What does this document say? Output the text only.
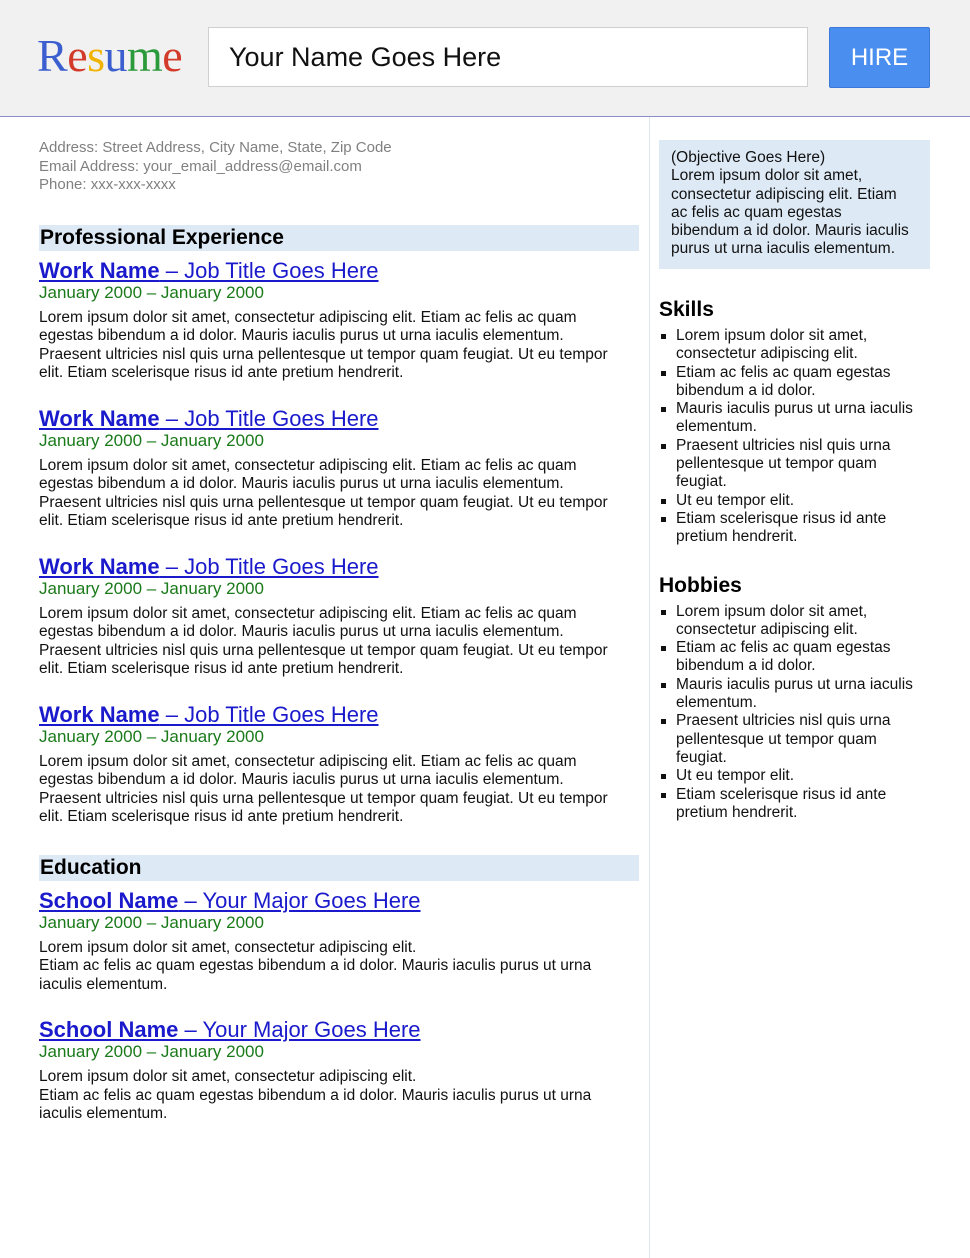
Resume	Your Name Goes Here	HIRE
Address: Street Address, City Name, State, Zip Code
Email Address: your_email_address@email.com
Phone: xxx-xxx-xxxx
Professional Experience
Work Name – Job Title Goes Here
January 2000 – January 2000
Lorem ipsum dolor sit amet, consectetur adipiscing elit. Etiam ac felis ac quam
egestas bibendum a id dolor. Mauris iaculis purus ut urna iaculis elementum.
Praesent ultricies nisl quis urna pellentesque ut tempor quam feugiat. Ut eu tempor
elit. Etiam scelerisque risus id ante pretium hendrerit.
Work Name – Job Title Goes Here
January 2000 – January 2000
Lorem ipsum dolor sit amet, consectetur adipiscing elit. Etiam ac felis ac quam
egestas bibendum a id dolor. Mauris iaculis purus ut urna iaculis elementum.
Praesent ultricies nisl quis urna pellentesque ut tempor quam feugiat. Ut eu tempor
elit. Etiam scelerisque risus id ante pretium hendrerit.
Work Name – Job Title Goes Here
January 2000 – January 2000
Lorem ipsum dolor sit amet, consectetur adipiscing elit. Etiam ac felis ac quam
egestas bibendum a id dolor. Mauris iaculis purus ut urna iaculis elementum.
Praesent ultricies nisl quis urna pellentesque ut tempor quam feugiat. Ut eu tempor
elit. Etiam scelerisque risus id ante pretium hendrerit.
Work Name – Job Title Goes Here
January 2000 – January 2000
Lorem ipsum dolor sit amet, consectetur adipiscing elit. Etiam ac felis ac quam
egestas bibendum a id dolor. Mauris iaculis purus ut urna iaculis elementum.
Praesent ultricies nisl quis urna pellentesque ut tempor quam feugiat. Ut eu tempor
elit. Etiam scelerisque risus id ante pretium hendrerit.
Education
School Name – Your Major Goes Here
January 2000 – January 2000
Lorem ipsum dolor sit amet, consectetur adipiscing elit.
Etiam ac felis ac quam egestas bibendum a id dolor. Mauris iaculis purus ut urna
iaculis elementum.
School Name – Your Major Goes Here
January 2000 – January 2000
Lorem ipsum dolor sit amet, consectetur adipiscing elit.
Etiam ac felis ac quam egestas bibendum a id dolor. Mauris iaculis purus ut urna
iaculis elementum.
(Objective Goes Here)
Lorem ipsum dolor sit amet,
consectetur adipiscing elit. Etiam
ac felis ac quam egestas
bibendum a id dolor. Mauris iaculis
purus ut urna iaculis elementum.
Skills
Lorem ipsum dolor sit amet,
consectetur adipiscing elit.
Etiam ac felis ac quam egestas
bibendum a id dolor.
Mauris iaculis purus ut urna iaculis
elementum.
Praesent ultricies nisl quis urna
pellentesque ut tempor quam
feugiat.
Ut eu tempor elit.
Etiam scelerisque risus id ante
pretium hendrerit.
Hobbies
Lorem ipsum dolor sit amet,
consectetur adipiscing elit.
Etiam ac felis ac quam egestas
bibendum a id dolor.
Mauris iaculis purus ut urna iaculis
elementum.
Praesent ultricies nisl quis urna
pellentesque ut tempor quam
feugiat.
Ut eu tempor elit.
Etiam scelerisque risus id ante
pretium hendrerit.
